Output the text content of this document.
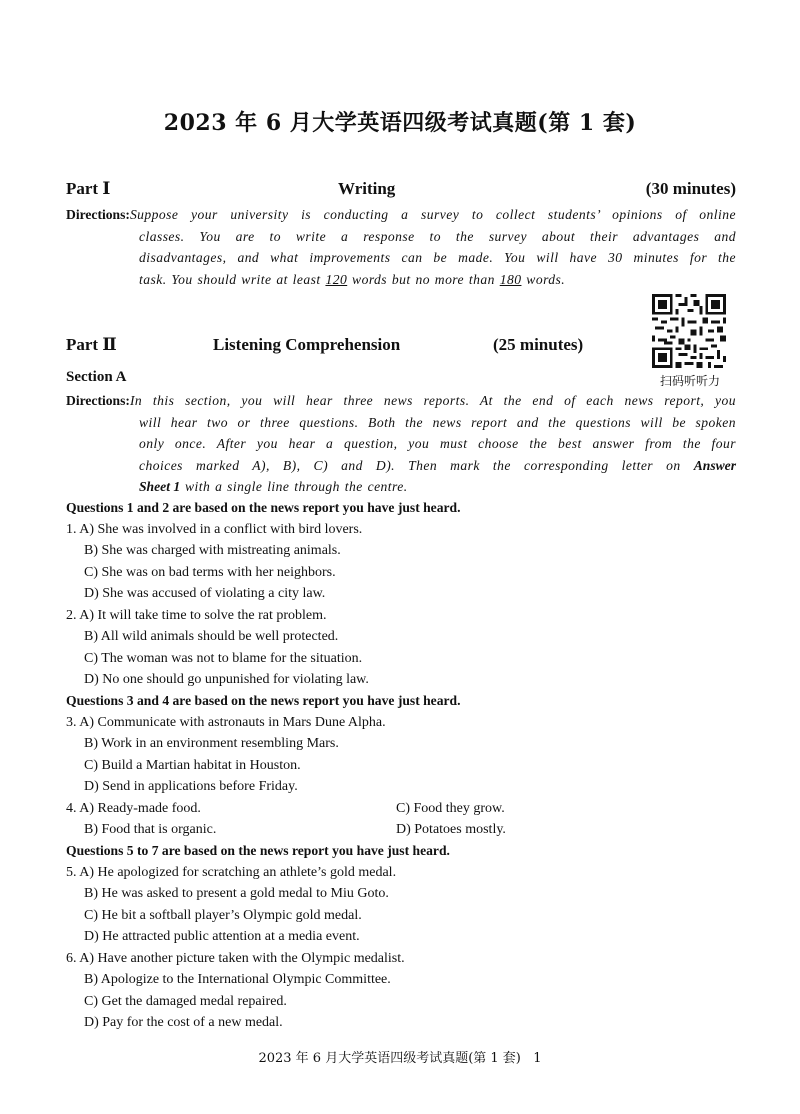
2023 年 6 月大学英语四级考试真题(第 1 套)
Part Ⅰ	Writing	(30 minutes)
Directions:Suppose your university is conducting a survey to collect students’ opinions of online
classes. You are to write a response to the survey about their advantages and
disadvantages, and what improvements can be made. You will have 30 minutes for the
task. You should write at least 120 words but no more than 180 words.
Part Ⅱ	Listening Comprehension	(25 minutes)
扫码听听力
Section A
Directions:In this section, you will hear three news reports. At the end of each news report, you
will hear two or three questions. Both the news report and the questions will be spoken
only once. After you hear a question, you must choose the best answer from the four
choices marked A), B), C) and D). Then mark the corresponding letter on Answer
Sheet 1 with a single line through the centre.
Questions 1 and 2 are based on the news report you have just heard.
1. A) She was involved in a conflict with bird lovers.
B) She was charged with mistreating animals.
C) She was on bad terms with her neighbors.
D) She was accused of violating a city law.
2. A) It will take time to solve the rat problem.
B) All wild animals should be well protected.
C) The woman was not to blame for the situation.
D) No one should go unpunished for violating law.
Questions 3 and 4 are based on the news report you have just heard.
3. A) Communicate with astronauts in Mars Dune Alpha.
B) Work in an environment resembling Mars.
C) Build a Martian habitat in Houston.
D) Send in applications before Friday.
4. A) Ready-made food.	C) Food they grow.
B) Food that is organic.	D) Potatoes mostly.
Questions 5 to 7 are based on the news report you have just heard.
5. A) He apologized for scratching an athlete’s gold medal.
B) He was asked to present a gold medal to Miu Goto.
C) He bit a softball player’s Olympic gold medal.
D) He attracted public attention at a media event.
6. A) Have another picture taken with the Olympic medalist.
B) Apologize to the International Olympic Committee.
C) Get the damaged medal repaired.
D) Pay for the cost of a new medal.
2023 年 6 月大学英语四级考试真题(第 1 套) 1
